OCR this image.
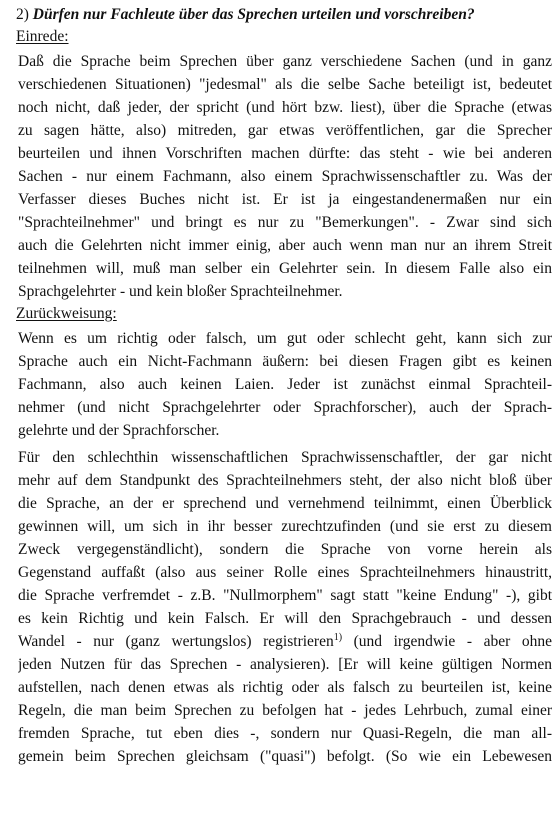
2) Dürfen nur Fachleute über das Sprechen urteilen und vorschreiben?

Einrede:

Daß die Sprache beim Sprechen über ganz verschiedene Sachen (und in ganz
verschiedenen Situationen) "jedesmal" als die selbe Sache beteiligt ist, bedeutet
noch nicht, daß jeder, der spricht (und hört bzw. liest), über die Sprache (etwas
zu sagen hätte, also) mitreden, gar etwas veröffentlichen, gar die Sprecher
beurteilen und ihnen Vorschriften machen dürfte: das steht - wie bei anderen
Sachen - nur einem Fachmann, also einem Sprachwissenschaftler zu. Was der
Verfasser dieses Buches nicht ist. Er ist ja eingestandenermaßen nur ein
"Sprachteilnehmer" und bringt es nur zu "Bemerkungen". - Zwar sind sich
auch die Gelehrten nicht immer einig, aber auch wenn man nur an ihrem Streit
teilnehmen will, muß man selber ein Gelehrter sein. In diesem Falle also ein
Sprachgelehrter - und kein bloßer Sprachteilnehmer.

Zurückweisung:

Wenn es um richtig oder falsch, um gut oder schlecht geht, kann sich zur
Sprache auch ein Nicht-Fachmann äußern: bei diesen Fragen gibt es keinen
Fachmann, also auch keinen Laien. Jeder ist zunächst einmal Sprachteil-
nehmer (und nicht Sprachgelehrter oder Sprachforscher), auch der Sprach-
gelehrte und der Sprachforscher.
Für den schlechthin wissenschaftlichen Sprachwissenschaftler, der gar nicht
mehr auf dem Standpunkt des Sprachteilnehmers steht, der also nicht bloß über
die Sprache, an der er sprechend und vernehmend teilnimmt, einen Überblick
gewinnen will, um sich in ihr besser zurechtzufinden (und sie erst zu diesem
Zweck vergegenständlicht), sondern die Sprache von vorne herein als
Gegenstand auffaßt (also aus seiner Rolle eines Sprachteilnehmers hinaustritt,
die Sprache verfremdet - z.B. "Nullmorphem" sagt statt "keine Endung" -), gibt
es kein Richtig und kein Falsch. Er will den Sprachgebrauch - und dessen
Wandel - nur (ganz wertungslos) registrieren$^{1)}$ (und irgendwie - aber ohne
jeden Nutzen für das Sprechen - analysieren). [Er will keine gültigen Normen
aufstellen, nach denen etwas als richtig oder als falsch zu beurteilen ist, keine
Regeln, die man beim Sprechen zu befolgen hat - jedes Lehrbuch, zumal einer
fremden Sprache, tut eben dies -, sondern nur Quasi-Regeln, die man all-
gemein beim Sprechen gleichsam ("quasi") befolgt. (So wie ein Lebewesen
